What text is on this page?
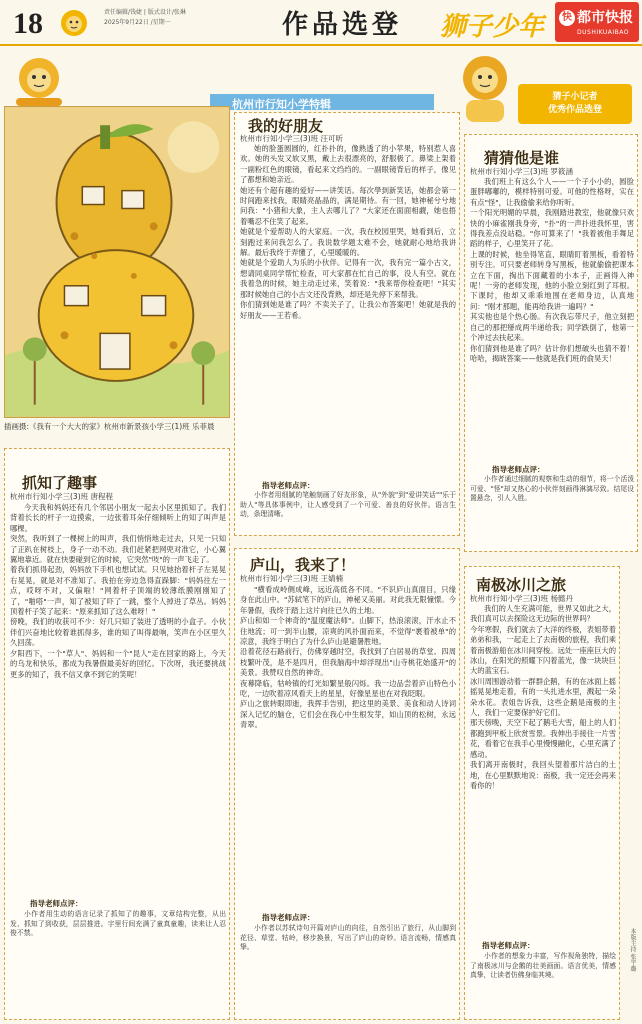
18	责任编辑/钱婕 | 版式设计/张琳
2025年9月22日 /星期一	作品选登 狮子少年	快 都市快报
DUSHIKUAIBAO
杭州市行知小学特辑
猜子小记者
优秀作品选登
插画摄:《我有一个大大的家》杭州市新景孩小学三(1)班 乐菲晨
我的好朋友
杭州市行知小学三(3)班 汪可昕
她的脸蛋圆圆的，红扑扑的，像熟透了的小苹果，特别惹人喜欢。她的头发又软又黑，戴上去很漂亮的，舒服极了。鼻梁上架着一副粉红色的眼镜，看起来文绉绉的。一副眼镜背后的样子，像见了都想和她亲近。
她还有个超有趣的爱好——讲笑话。每次學到新笑话，她都会第一时间跑来找我，眼睛亮晶晶的，满是期待。有一回，她神秘兮兮地问我："小猪和大象，主人去哪儿了？"大家还在面面相觑，她也捂着嘴忍不住笑了起来。
她就是个爱帮助人的大家庭。一次，我在校园里哭，她看到后，立刻跑过来问我怎么了。我说数学题太难不会，她就耐心地给我讲解。最后我终于弄懂了，心里暖暖的。
她就是个爱助人为乐的小伙伴。记得有一次，我有完一篇小古文，想请同桌同学帮忙检查，可大家都在忙自己的事，没人有空。就在我着急的时候，她主动走过来，笑着说："我来帮你检查吧！"其实那时候她自己的小古文还没背熟，却还是先停下来帮我。
你们猜到她是谁了吗？不卖关子了，让我公布答案吧！她就是我的好朋友——王若希。
指导老师点评：
小作者用细腻的笔触刻画了好友形象，从"外貌"到"爱讲笑话""乐于助人"等具体事例中，让人感受到了一个可爱、善良的好伙伴。语言生动，条理清晰。
猜猜他是谁
杭州市行知小学三(3)班 罗筱涵
我们班上有这么个人——一个子小小的，圆脸蛋胖嘟嘟的，模样特别可爱。可他的性格呀，实在有点"怪"，让我偷偷来给你听听。
一个阳光明媚的早晨，我刚踏进教室，他就像只欢快的小麻雀刚我身旁，"扑"的一声扑进我怀里，害得我差点没站稳。"你可算来了！"我着被他手舞足蹈的样子，心里笑开了花。
上课的时候，他坐得笔直，眼睛盯着黑板，看着特别专注。可只要老师转身写黑板，他就偷偷把课本立在下面，掏出下面藏着的小本子，正画得入神呢！一旁的老师发现，他的小脸立刻红到了耳根。下课时，他却又乖乖地围在老师身边，认真地问："刚才那题，能再给我讲一遍吗？"
其实他也是个热心肠。有次我忘带尺子，他立刻把自己的那把掰成两半递给我；同学跌倒了，他第一个冲过去扶起来。
你们猜到他是谁了吗？估计你们想破头也猜不着！哈哈，揭晓答案——他就是我们班的俞昊天！
指导老师点评：
小作者通过细腻的观察和生动的细节，将一个活泼可爱、"怪"却又热心的小伙伴刻画得淋漓尽致。结尾设置悬念，引人入胜。
抓知了趣事
杭州市行知小学三(3)班 唐程程
今天我和妈妈还有几个邻居小朋友一起去小区里抓知了。我们背着长长的杆子一边摸索，一边张着耳朵仔细倾听上的知了叫声是哪棵。
突然，我听到了一棵树上的叫声，我们悄悄地走过去，只见一只知了正趴在树枝上，身子一动不动。我们赶紧把网兜对准它，小心翼翼地靠近。就在快要碰到它的时候，它突然"吱"的一声飞走了。
着我们抓得起劲，妈妈放下手机也想试试。只见她抬着杆子左晃晃右晃晃，就是对不准知了。我拍在旁边急得直跺脚："妈妈往左一点，哎呀不对，又偏啦！"网着杆子顶端的较薄纸膜刚刚知了了，"啪嗒"一声，知了被知了吓了一跳，整个人掉进了草丛。妈妈顶着杆子笑了起来："原来抓知了这么难呀！"
傍晚，我们的收获可不少：好几只知了装进了透明的小盒子。小伙伴们兴奋地比较着谁抓得多，谁的知了叫得最响，笑声在小区里久久回荡。
夕阳西下，一个"草人"、妈妈和一个"昆人"走在回家的路上，今天的乌龙和快乐，都成为我暑假最美好的回忆。下次呀，我还要挑战更多的知了，我不信又拿不到它的笑呢！
指导老师点评：
小作者用生动的语言记录了抓知了的趣事，文章结构完整，从出发、抓知了到收获，层层推进。字里行间充满了童真童趣，读来让人忍俊不禁。
庐山，我来了！
杭州市行知小学三(3)班 王婧楠
"横看成岭侧成峰，远近高低各不同。"不识庐山真面目，只缘身在此山中。"苏轼笔下的庐山，神秘又美丽。对此我无限憧憬。今年暑假，我终于踏上这片向往已久的土地。
庐山和如一个神奇的"温度魔法师"。山脚下，热浪滚滚，汗水止不住地流；可一到半山腰，凉爽的风扑面而来，不觉得"裹着被单"的凉意，我终于明白了为什么庐山是避暑胜地。
沿着花径石路前行，仿佛穿越时空，我找到了白居易的草堂。四周枝繁叶茂，是不是四月，但我脑海中却浮现出"山寺桃花始盛开"的美景。我赞叹自然的神奇。
夜幕降临，牯岭镇的灯光如繁星般闪烁。我一边品尝着庐山特色小吃，一边吹着凉风看天上的星星，好像星星也在对我眨眼。
庐山之旅转眼即逝，我挥手告别，把这里的美景、美食和动人诗词深入记忆的脑仓，它们会在我心中生根发芽，如山顶的松树，永远青翠。
指导老师点评：
小作者以苏轼诗句开篇对庐山的向往，自然引出了旅行，从山脚到花径、草堂、牯岭，移步换景，写出了庐山的奇妙。语言流畅，情感真挚。
南极冰川之旅
杭州市行知小学三(3)班 杨懿丹
我们的人生充满可能，世界又如此之大，我们真可以去探险这无边际的世界吗？
今年寒假，我们就去了大洋的终极，表姐带着弟弟和我，一起走上了去南极的旅程，我们乘着南极游船在冰川间穿梭。远处一座座巨大的冰山，在阳光的照耀下闪着蓝光，像一块块巨大的蓝宝石。
冰川周围游动着一群群企鹅，有的在冰面上摇摇晃晃地走着，有的一头扎进水里，溅起一朵朵水花。表姐告诉我，这些企鹅是南极的主人，我们一定要保护好它们。
那天傍晚，天空下起了鹅毛大雪，船上的人们都跑到甲板上欣赏雪景。我伸出手接住一片雪花，看着它在我手心里慢慢融化，心里充满了感动。
我们离开南极时，我回头望着那片洁白的土地，在心里默默地说：南极，我一定还会再来看你的！
指导老师点评：
小作者的想象力丰富，写作视角独特，描绘了南极冰川与企鹅的壮美画面。语言优美，情感真挚，让读者仿佛身临其境。
本版主持 张宇璐
